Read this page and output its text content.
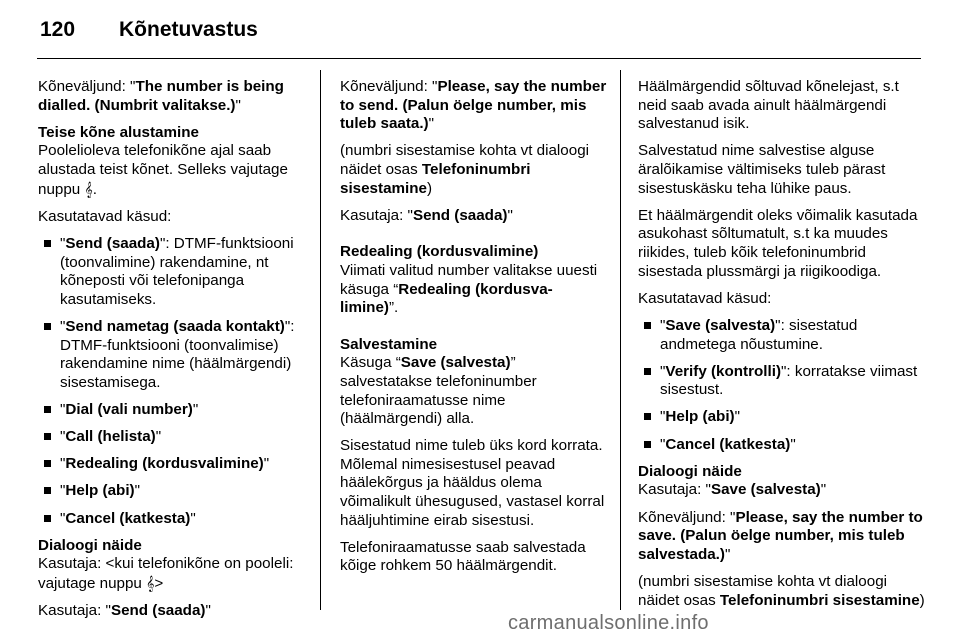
120 Kõnetuvastus

Kõneväljund: "The number is being dialled. (Numbrit valitakse.)"

Teise kõne alustamine
Poolelioleva telefonikõne ajal saab alustada teist kõnet. Selleks vajutage nuppu 𝄞.

Kasutatavad käsud:

"Send (saada)": DTMF-funktsiooni (toonvalimine) rakendamine, nt kõneposti või telefonipanga kasutamiseks.
"Send nametag (saada kontakt)": DTMF-funktsiooni (toonvalimise) rakendamine nime (häälmärgendi) sisestamisega.
"Dial (vali number)"
"Call (helista)"
"Redealing (kordusvalimine)"
"Help (abi)"
"Cancel (katkesta)"

Dialoogi näide
Kasutaja: <kui telefonikõne on pooleli: vajutage nuppu 𝄞>

Kasutaja: "Send (saada)"

Kõneväljund: "Please, say the number to send. (Palun öelge number, mis tuleb saata.)"

(numbri sisestamise kohta vt dialoogi näidet osas Telefoninumbri sisestamine)

Kasutaja: "Send (saada)"

Redealing (kordusvalimine)
Viimati valitud number valitakse uuesti käsuga “Redealing (kordusva-limine)”.

Salvestamine
Käsuga “Save (salvesta)” salvestatakse telefoninumber telefoniraamatusse nime (häälmärgendi) alla.

Sisestatud nime tuleb üks kord korrata. Mõlemal nimesisestusel peavad häälekõrgus ja hääldus olema võimalikult ühesugused, vastasel korral hääljuhtimine eirab sisestusi.

Telefoniraamatusse saab salvestada kõige rohkem 50 häälmärgendit.

Häälmärgendid sõltuvad kõnelejast, s.t neid saab avada ainult häälmärgendi salvestanud isik.

Salvestatud nime salvestise alguse äralõikamise vältimiseks tuleb pärast sisestuskäsku teha lühike paus.

Et häälmärgendit oleks võimalik kasutada asukohast sõltumatult, s.t ka muudes riikides, tuleb kõik telefoninumbrid sisestada plussmärgi ja riigikoodiga.

Kasutatavad käsud:

"Save (salvesta)": sisestatud andmetega nõustumine.
"Verify (kontrolli)": korratakse viimast sisestust.
"Help (abi)"
"Cancel (katkesta)"

Dialoogi näide
Kasutaja: "Save (salvesta)"

Kõneväljund: "Please, say the number to save. (Palun öelge number, mis tuleb salvestada.)"

(numbri sisestamise kohta vt dialoogi näidet osas Telefoninumbri sisestamine)

carmanualsonline.info
